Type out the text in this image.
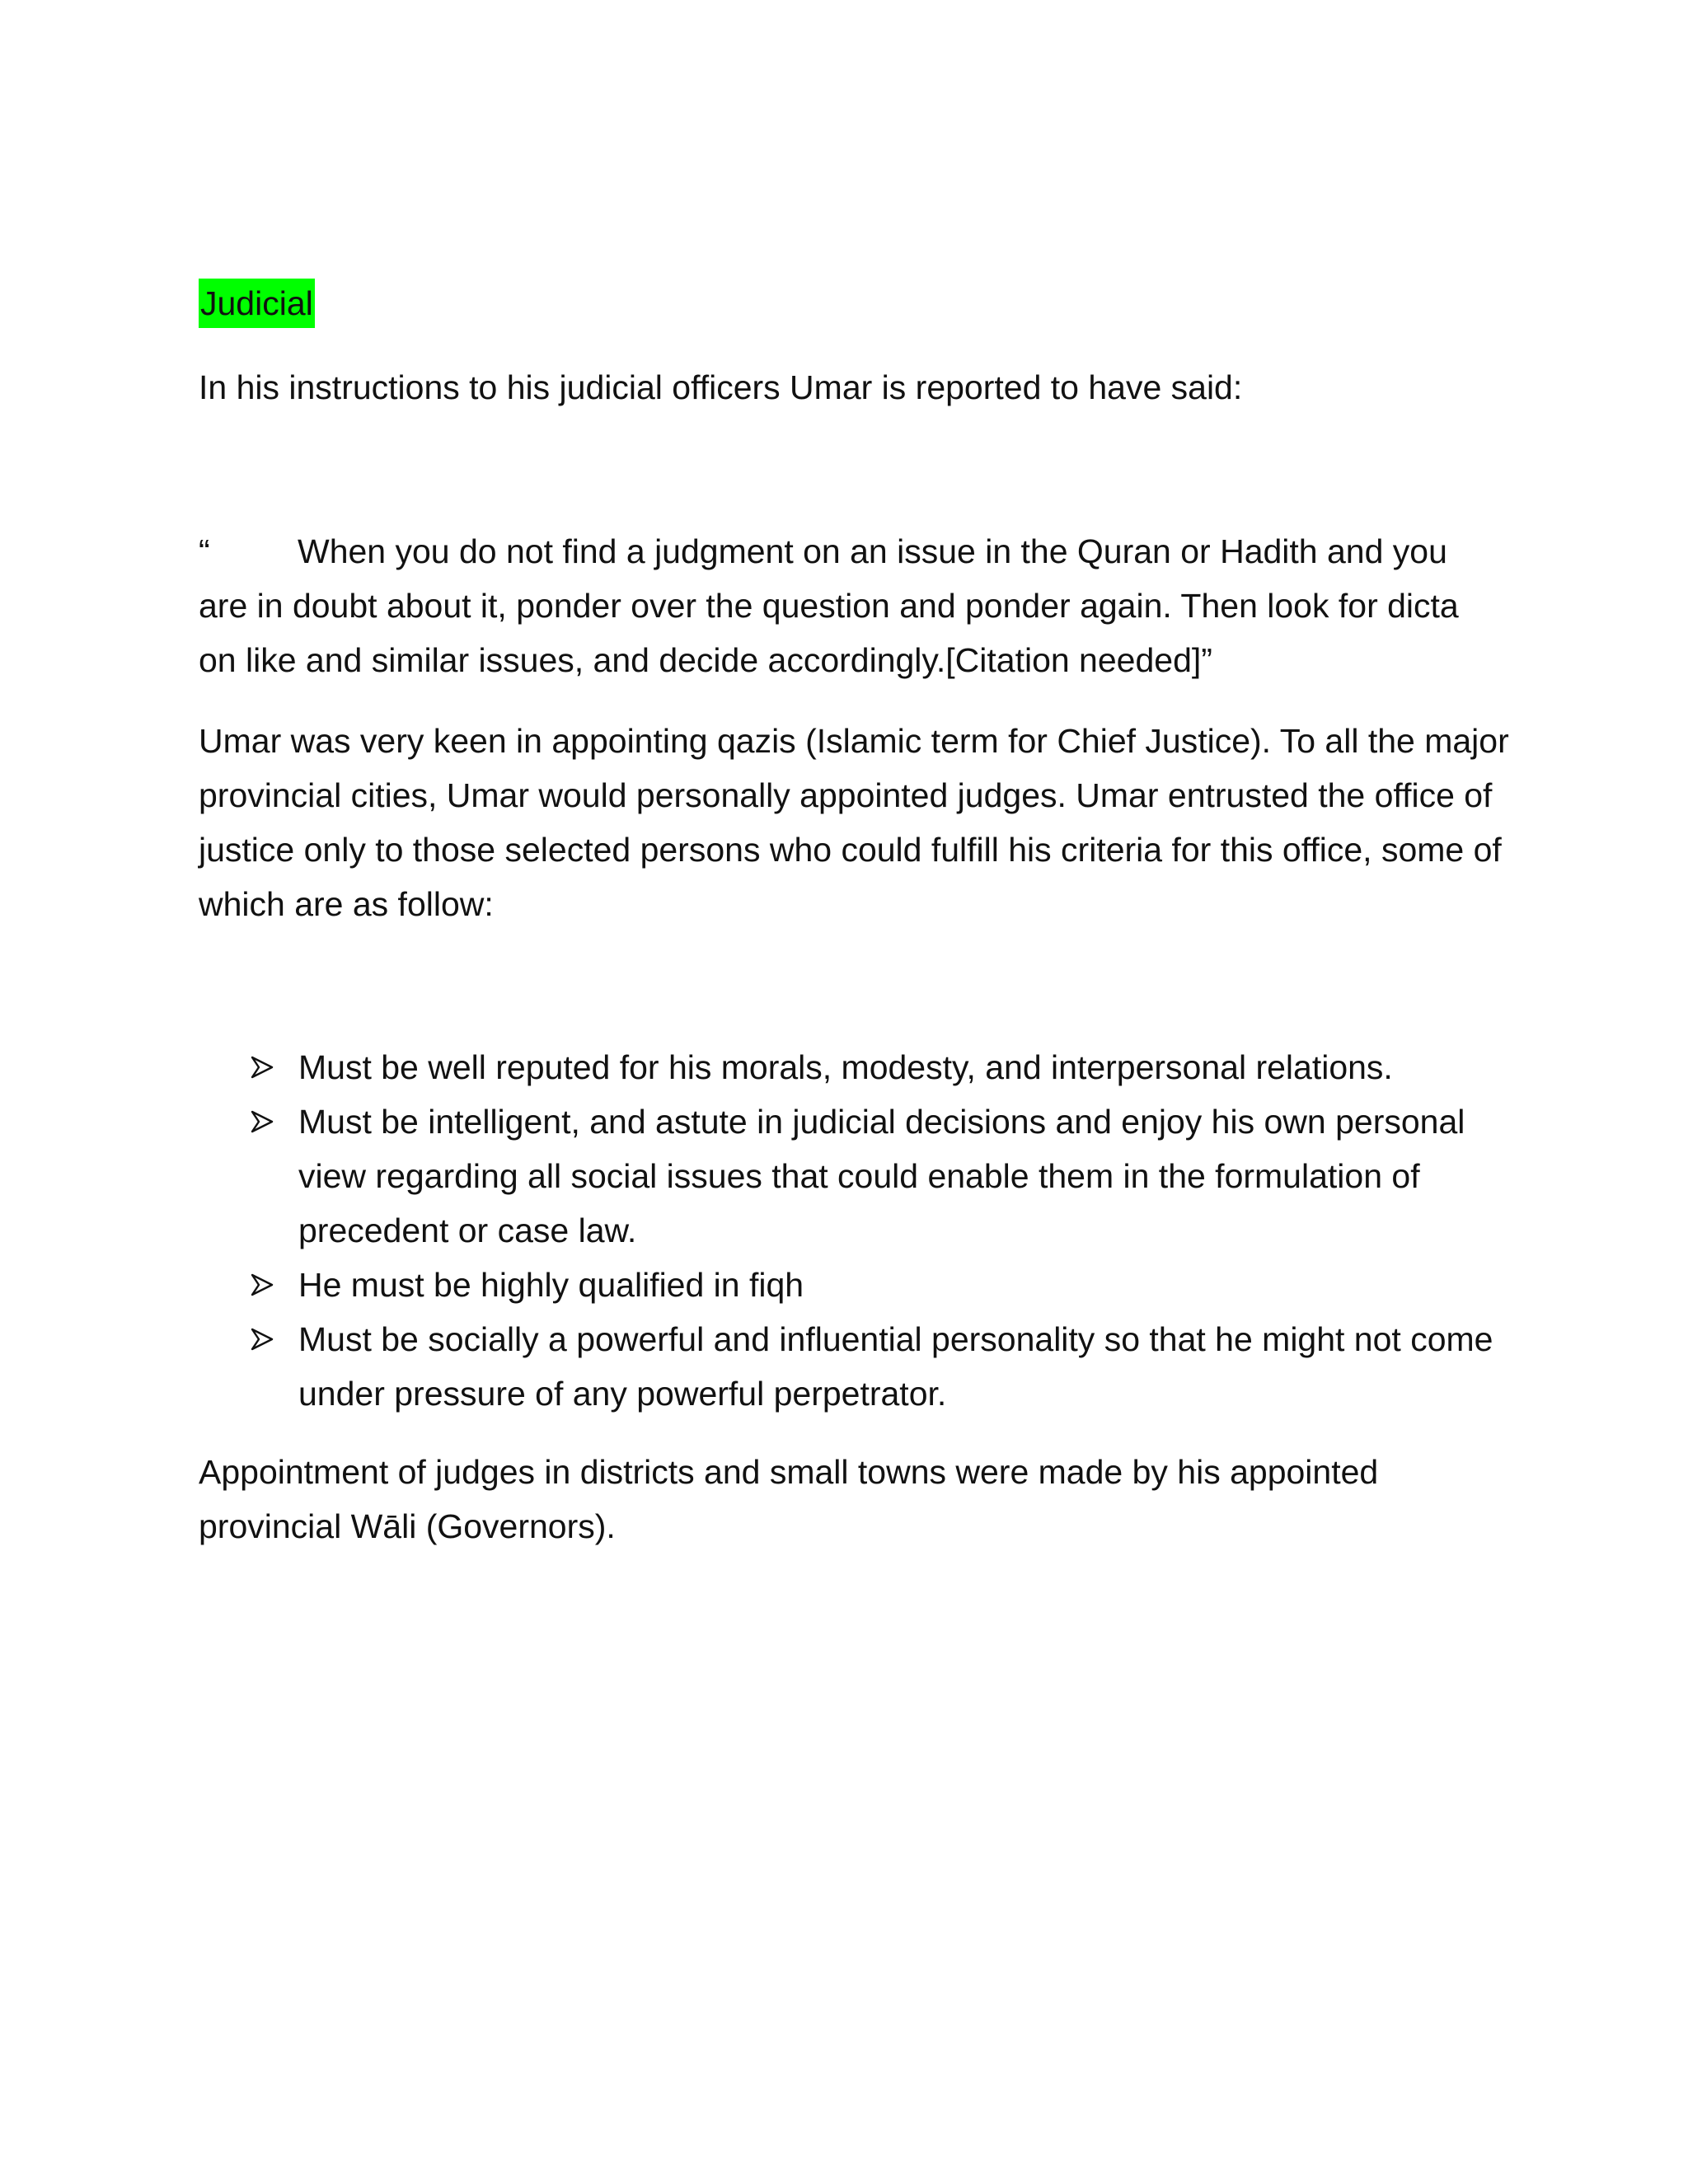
Judicial

In his instructions to his judicial officers Umar is reported to have said:

“	When you do not find a judgment on an issue in the Quran or Hadith and you are in doubt about it, ponder over the question and ponder again. Then look for dicta on like and similar issues, and decide accordingly.[Citation needed]”

Umar was very keen in appointing qazis (Islamic term for Chief Justice). To all the major provincial cities, Umar would personally appointed judges. Umar entrusted the office of justice only to those selected persons who could fulfill his criteria for this office, some of which are as follow:

Must be well reputed for his morals, modesty, and interpersonal relations.
Must be intelligent, and astute in judicial decisions and enjoy his own personal view regarding all social issues that could enable them in the formulation of precedent or case law.
He must be highly qualified in fiqh
Must be socially a powerful and influential personality so that he might not come under pressure of any powerful perpetrator.

Appointment of judges in districts and small towns were made by his appointed provincial Wāli (Governors).
